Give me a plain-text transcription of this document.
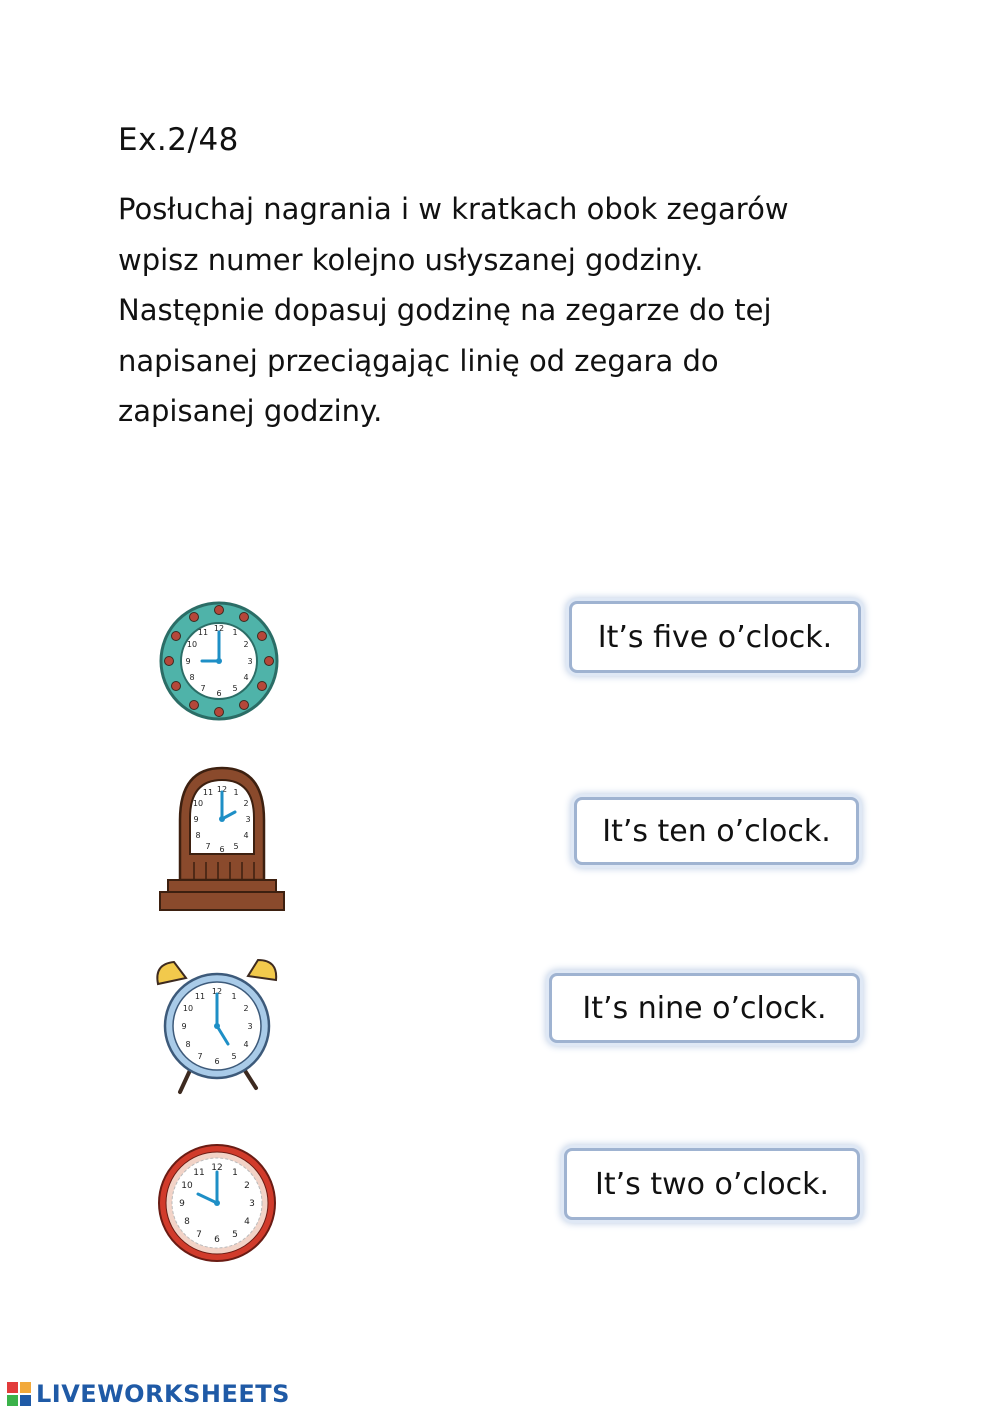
Ex.2/48
Posłuchaj nagrania i w kratkach obok zegarów
wpisz numer kolejno usłyszanej godziny.
Następnie dopasuj godzinę na zegarze do tej
napisanej przeciągając linię od zegara do
zapisanej godziny.
12 1
2
3
4
5
6
7
8
9
10
11
12 1
2
3
4
5
6
7
8
9
10
11
12
1
2
3
4
5
6
7
8
9
10
11
12 1
2
3
4
5
6
7
8
9
10
11
It’s five o’clock.
It’s ten o’clock.
It’s nine o’clock.
It’s two o’clock.
LIVEWORKSHEETS
